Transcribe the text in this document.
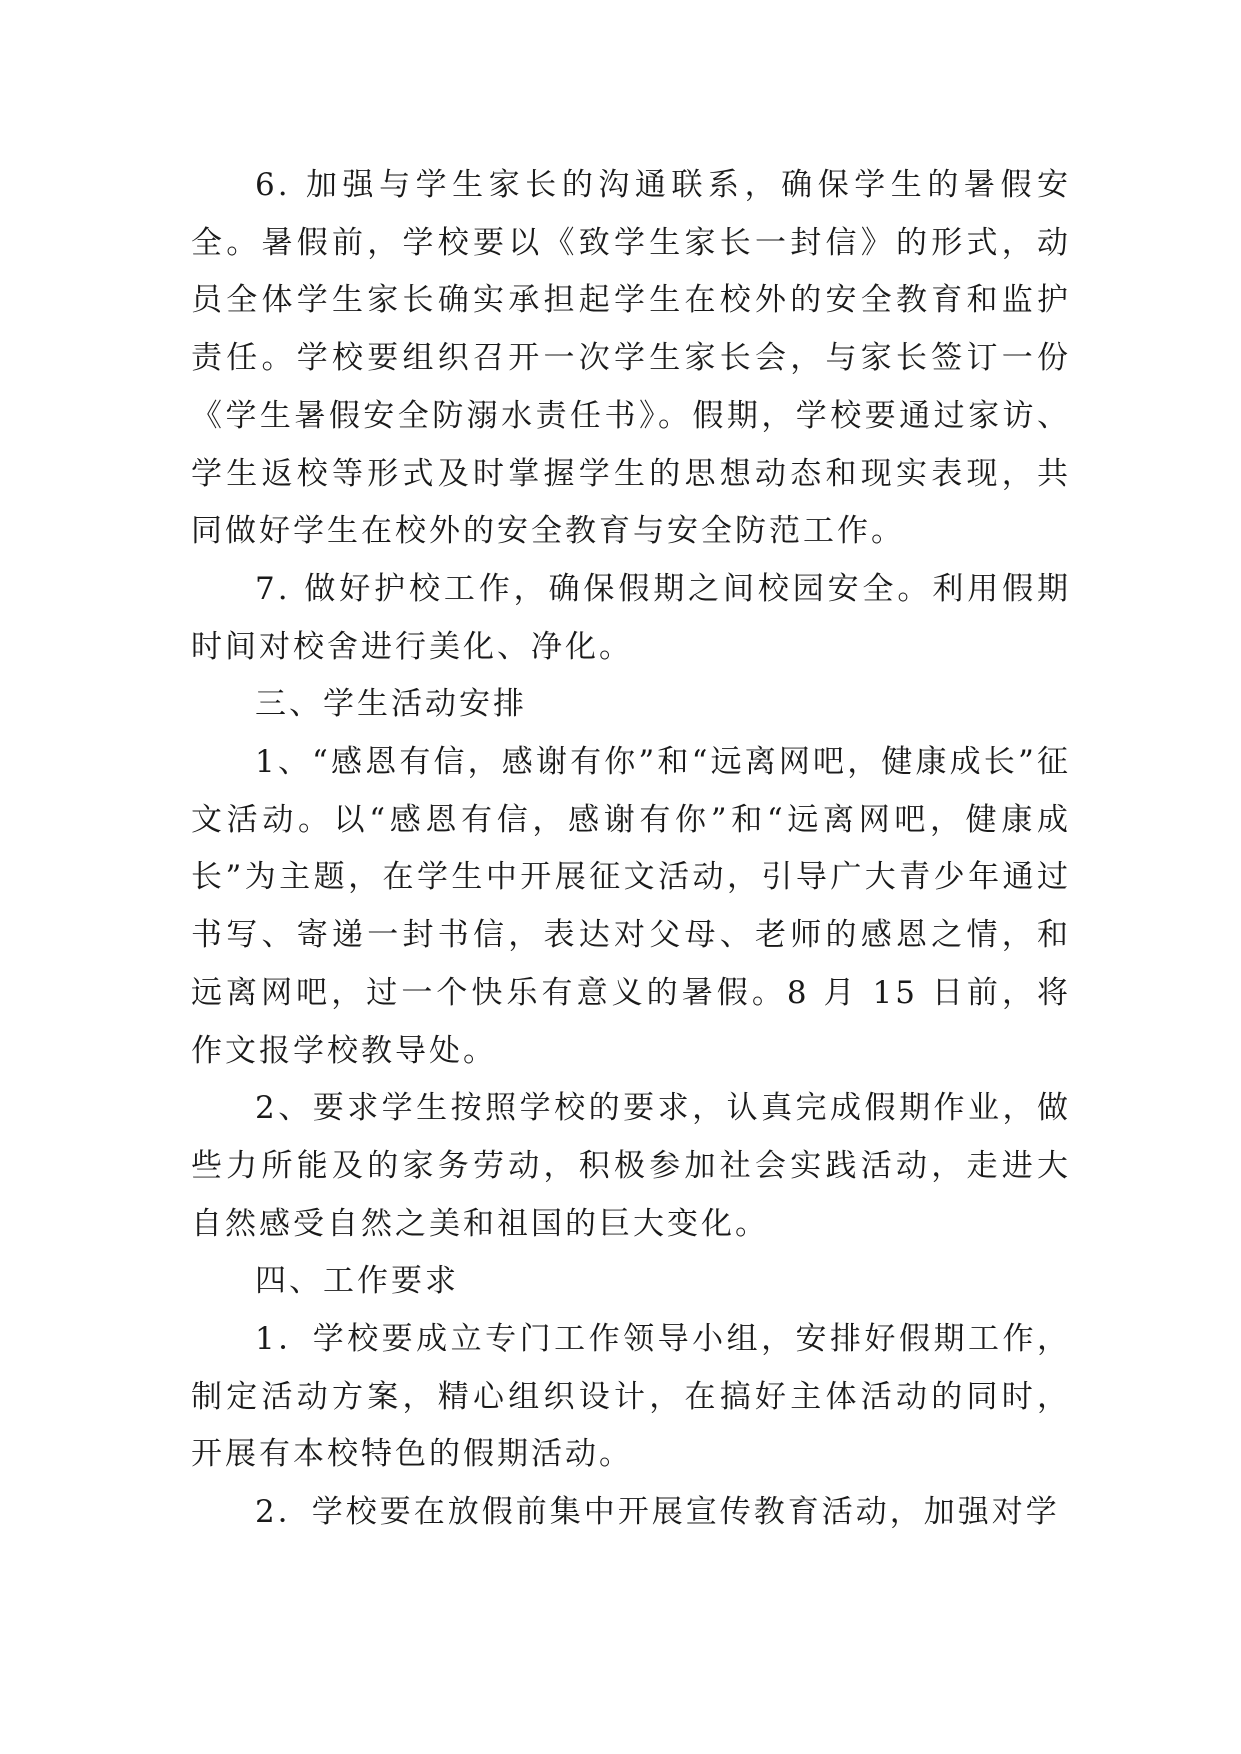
6. 加强与学生家长的沟通联系，确保学生的暑假安全。暑假前，学校要以《致学生家长一封信》的形式，动员全体学生家长确实承担起学生在校外的安全教育和监护责任。学校要组织召开一次学生家长会，与家长签订一份《学生暑假安全防溺水责任书》。假期，学校要通过家访、学生返校等形式及时掌握学生的思想动态和现实表现，共同做好学生在校外的安全教育与安全防范工作。

7. 做好护校工作，确保假期之间校园安全。利用假期时间对校舍进行美化、净化。

三、学生活动安排

1、“感恩有信，感谢有你”和“远离网吧，健康成长”征文活动。以“感恩有信，感谢有你”和“远离网吧，健康成长”为主题，在学生中开展征文活动，引导广大青少年通过书写、寄递一封书信，表达对父母、老师的感恩之情，和远离网吧，过一个快乐有意义的暑假。8 月 15 日前，将作文报学校教导处。

2、要求学生按照学校的要求，认真完成假期作业，做些力所能及的家务劳动，积极参加社会实践活动，走进大自然感受自然之美和祖国的巨大变化。

四、工作要求

1．学校要成立专门工作领导小组，安排好假期工作，制定活动方案，精心组织设计，在搞好主体活动的同时，开展有本校特色的假期活动。

2．学校要在放假前集中开展宣传教育活动，加强对学
